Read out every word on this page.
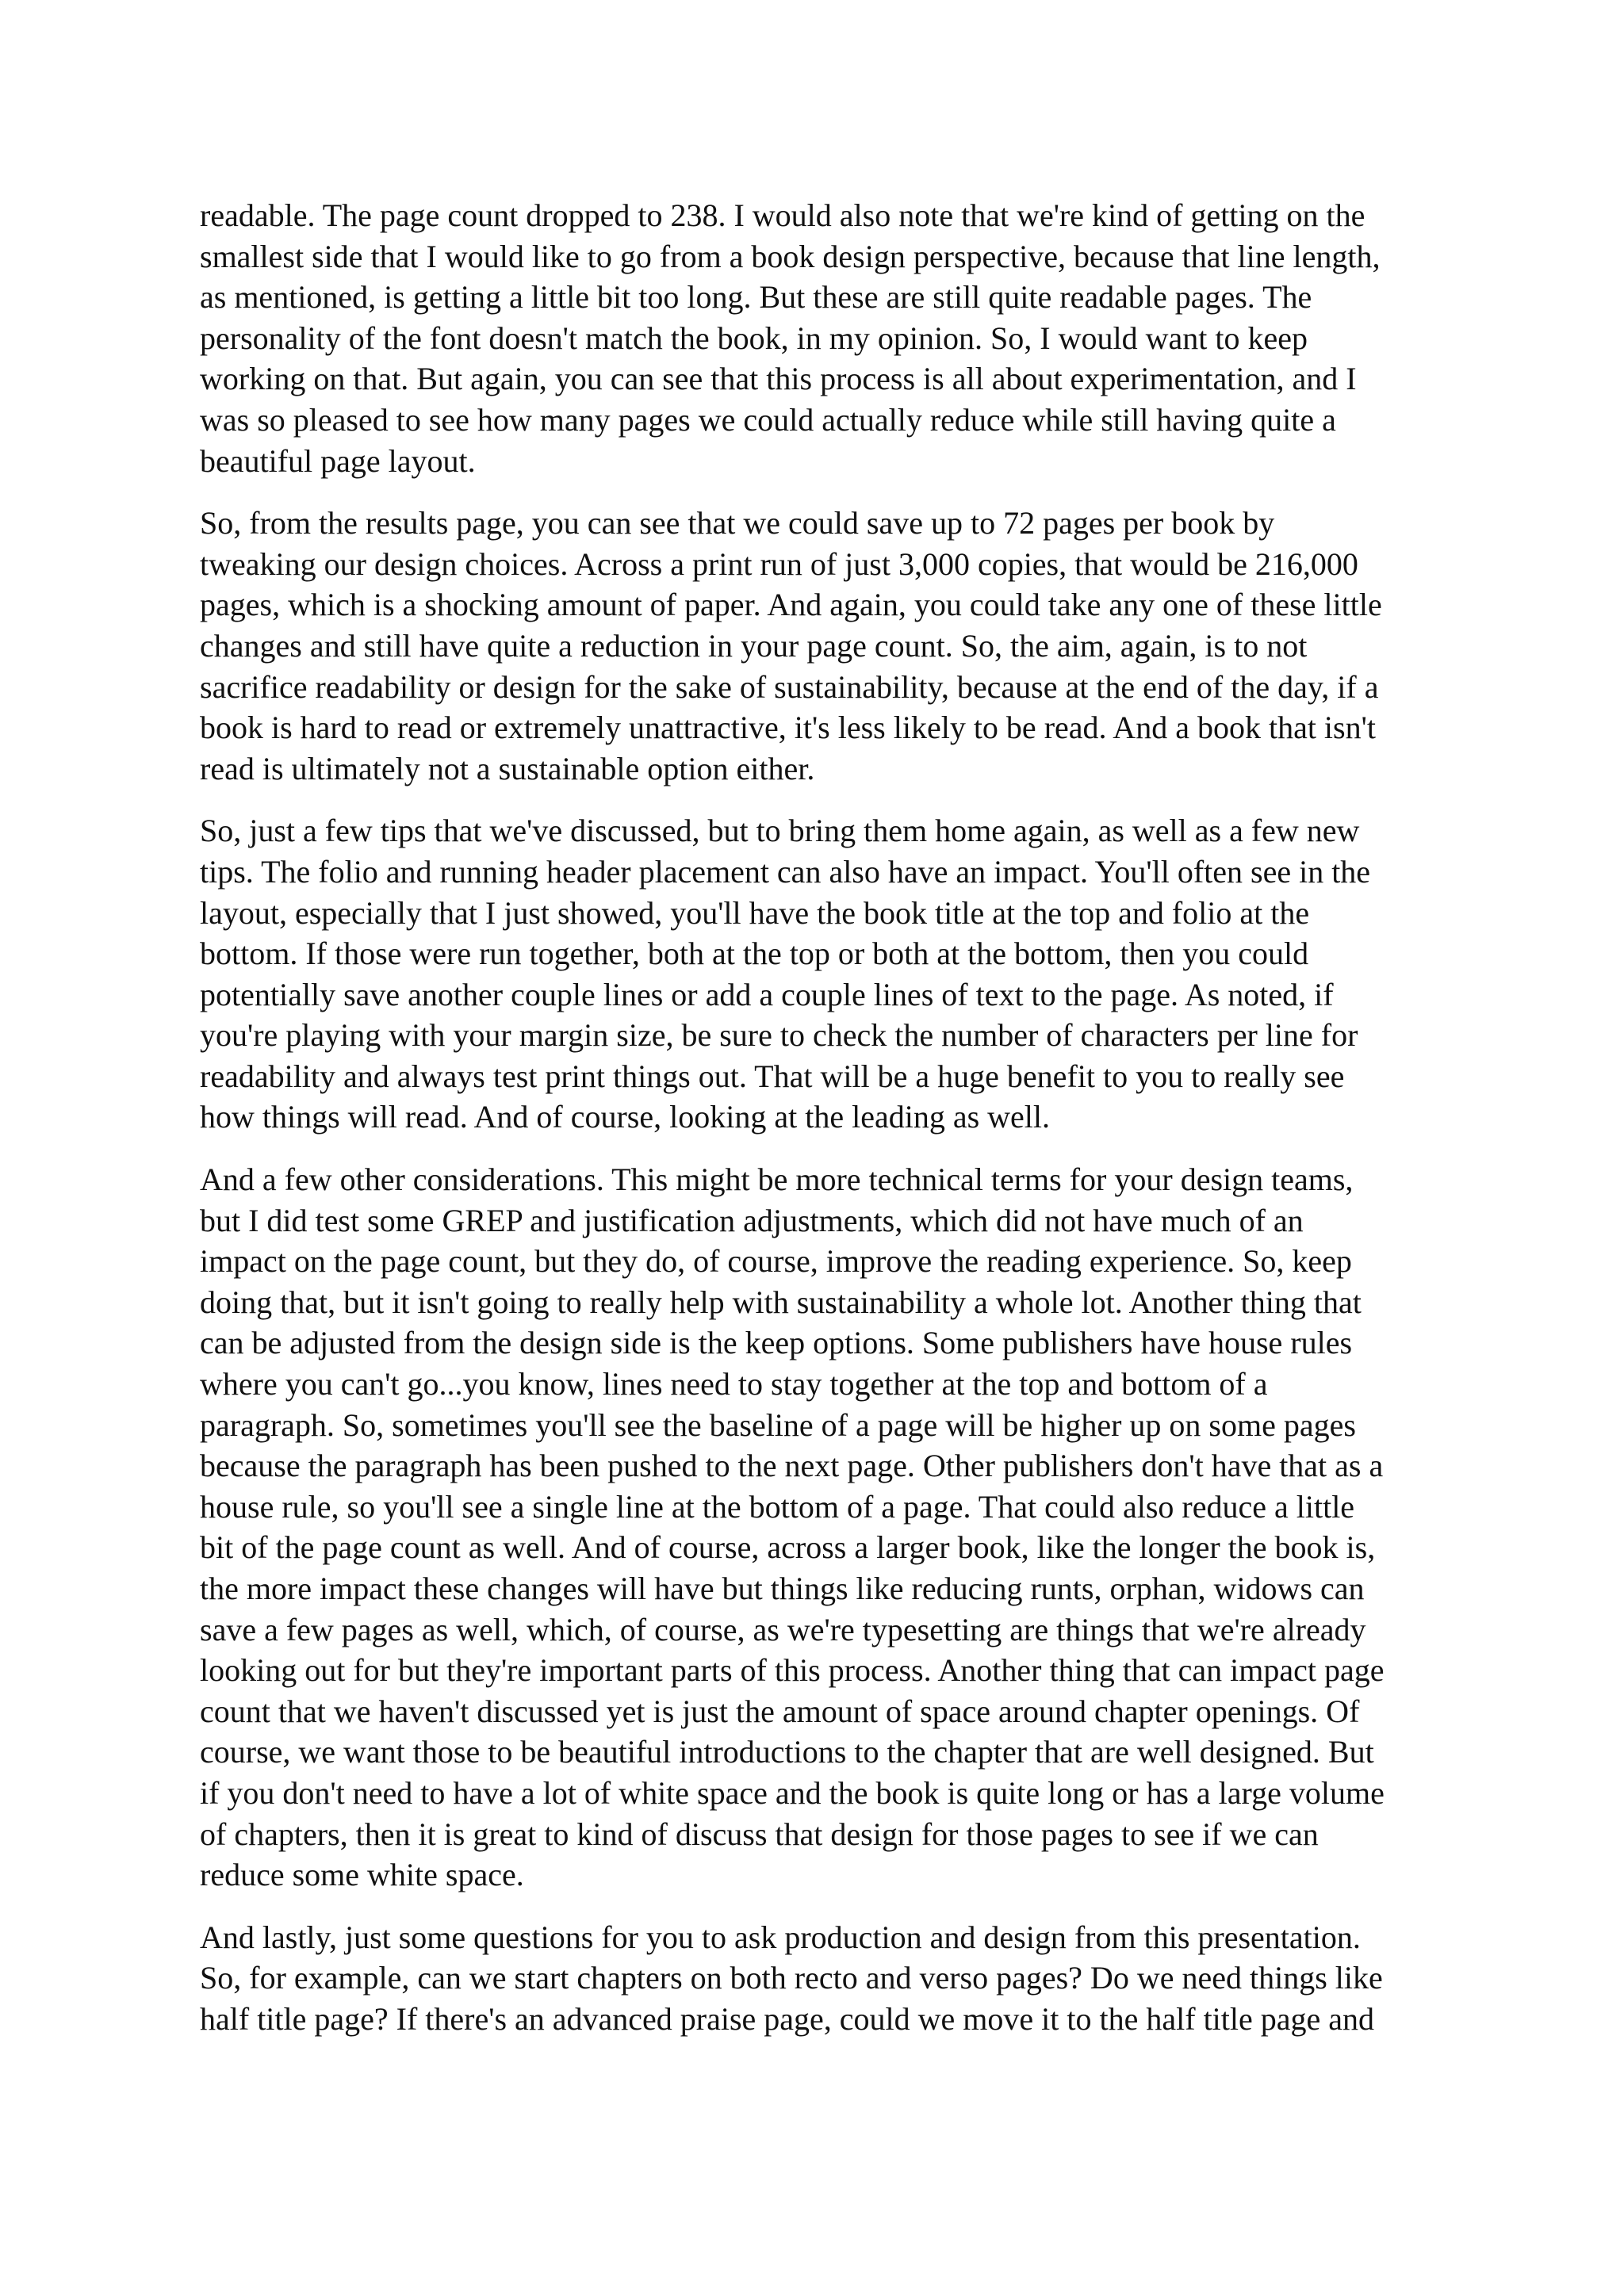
readable. The page count dropped to 238. I would also note that we're kind of getting on the
smallest side that I would like to go from a book design perspective, because that line length,
as mentioned, is getting a little bit too long. But these are still quite readable pages. The
personality of the font doesn't match the book, in my opinion. So, I would want to keep
working on that. But again, you can see that this process is all about experimentation, and I
was so pleased to see how many pages we could actually reduce while still having quite a
beautiful page layout.

So, from the results page, you can see that we could save up to 72 pages per book by
tweaking our design choices. Across a print run of just 3,000 copies, that would be 216,000
pages, which is a shocking amount of paper. And again, you could take any one of these little
changes and still have quite a reduction in your page count. So, the aim, again, is to not
sacrifice readability or design for the sake of sustainability, because at the end of the day, if a
book is hard to read or extremely unattractive, it's less likely to be read. And a book that isn't
read is ultimately not a sustainable option either.

So, just a few tips that we've discussed, but to bring them home again, as well as a few new
tips. The folio and running header placement can also have an impact. You'll often see in the
layout, especially that I just showed, you'll have the book title at the top and folio at the
bottom. If those were run together, both at the top or both at the bottom, then you could
potentially save another couple lines or add a couple lines of text to the page. As noted, if
you're playing with your margin size, be sure to check the number of characters per line for
readability and always test print things out. That will be a huge benefit to you to really see
how things will read. And of course, looking at the leading as well.

And a few other considerations. This might be more technical terms for your design teams,
but I did test some GREP and justification adjustments, which did not have much of an
impact on the page count, but they do, of course, improve the reading experience. So, keep
doing that, but it isn't going to really help with sustainability a whole lot. Another thing that
can be adjusted from the design side is the keep options. Some publishers have house rules
where you can't go...you know, lines need to stay together at the top and bottom of a
paragraph. So, sometimes you'll see the baseline of a page will be higher up on some pages
because the paragraph has been pushed to the next page. Other publishers don't have that as a
house rule, so you'll see a single line at the bottom of a page. That could also reduce a little
bit of the page count as well. And of course, across a larger book, like the longer the book is,
the more impact these changes will have but things like reducing runts, orphan, widows can
save a few pages as well, which, of course, as we're typesetting are things that we're already
looking out for but they're important parts of this process. Another thing that can impact page
count that we haven't discussed yet is just the amount of space around chapter openings. Of
course, we want those to be beautiful introductions to the chapter that are well designed. But
if you don't need to have a lot of white space and the book is quite long or has a large volume
of chapters, then it is great to kind of discuss that design for those pages to see if we can
reduce some white space.

And lastly, just some questions for you to ask production and design from this presentation.
So, for example, can we start chapters on both recto and verso pages? Do we need things like
half title page? If there's an advanced praise page, could we move it to the half title page and
